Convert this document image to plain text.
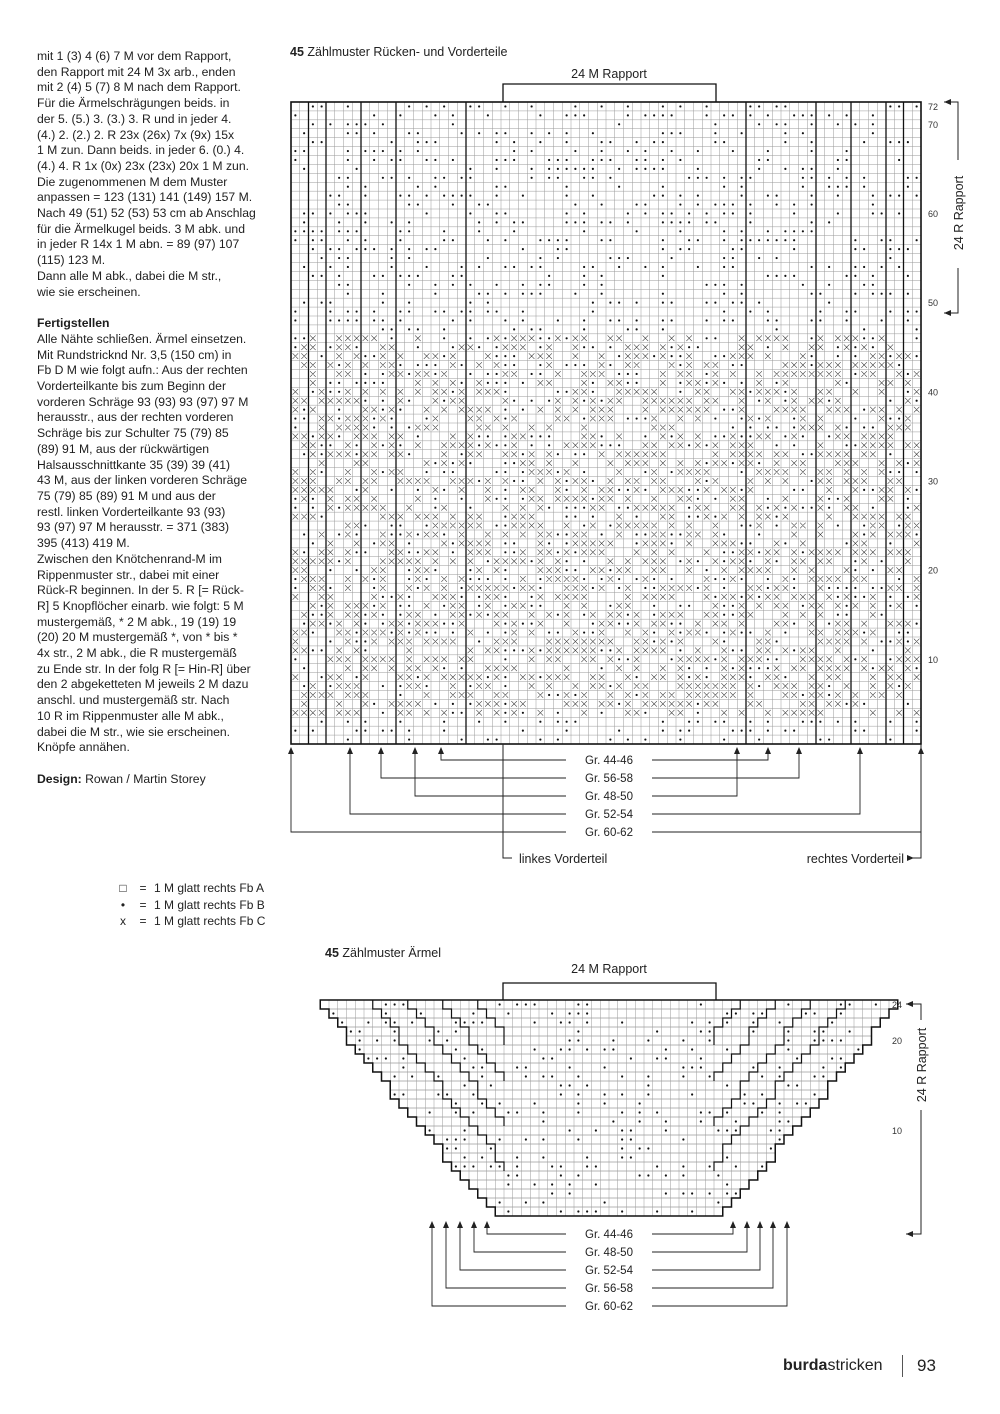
mit 1 (3) 4 (6) 7 M vor dem Rapport,

den Rapport mit 24 M 3x arb., enden

mit 2 (4) 5 (7) 8 M nach dem Rapport.

Für die Ärmelschrägungen beids. in

der 5. (5.) 3. (3.) 3. R und in jeder 4.

(4.) 2. (2.) 2. R 23x (26x) 7x (9x) 15x

1 M zun. Dann beids. in jeder 6. (0.) 4.

(4.) 4. R 1x (0x) 23x (23x) 20x 1 M zun.

Die zugenommenen M dem Muster

anpassen = 123 (131) 141 (149) 157 M.

Nach 49 (51) 52 (53) 53 cm ab Anschlag

für die Ärmelkugel beids. 3 M abk. und

in jeder R 14x 1 M abn. = 89 (97) 107

(115) 123 M.

Dann alle M abk., dabei die M str.,

wie sie erscheinen.

Fertigstellen

Alle Nähte schließen. Ärmel einsetzen.

Mit Rundstricknd Nr. 3,5 (150 cm) in

Fb D M wie folgt aufn.: Aus der rechten

Vorderteilkante bis zum Beginn der

vorderen Schräge 93 (93) 93 (97) 97 M

herausstr., aus der rechten vorderen

Schräge bis zur Schulter 75 (79) 85

(89) 91 M, aus der rückwärtigen

Halsausschnittkante 35 (39) 39 (41)

43 M, aus der linken vorderen Schräge

75 (79) 85 (89) 91 M und aus der

restl. linken Vorderteilkante 93 (93)

93 (97) 97 M herausstr. = 371 (383)

395 (413) 419 M.

Zwischen den Knötchenrand-M im

Rippenmuster str., dabei mit einer

Rück-R beginnen. In der 5. R [= Rück-

R] 5 Knopflöcher einarb. wie folgt: 5 M

mustergemäß, * 2 M abk., 19 (19) 19

(20) 20 M mustergemäß *, von * bis *

4x str., 2 M abk., die R mustergemäß

zu Ende str. In der folg R [= Hin-R] über

den 2 abgeketteten M jeweils 2 M dazu

anschl. und mustergemäß str. Nach

10 R im Rippenmuster alle M abk.,

dabei die M str., wie sie erscheinen.

Knöpfe annähen.

Design: Rowan / Martin Storey

45 Zählmuster Rücken- und Vorderteile
Gr. 44-46
Gr. 56-58
Gr. 48-50
Gr. 52-54
Gr. 60-62
24 M Rapport
24 R Rapport
72
70
60
50
40
30
20
10
linkes Vorderteil	rechtes Vorderteil
□	= 1 M glatt rechts Fb A
•	= 1 M glatt rechts Fb B
x	= 1 M glatt rechts Fb C
45 Zählmuster Ärmel
Gr. 44-46
Gr. 48-50
Gr. 52-54
Gr. 56-58
Gr. 60-62
24 M Rapport
24 R Rapport
24
20
10
burdastricken 93
